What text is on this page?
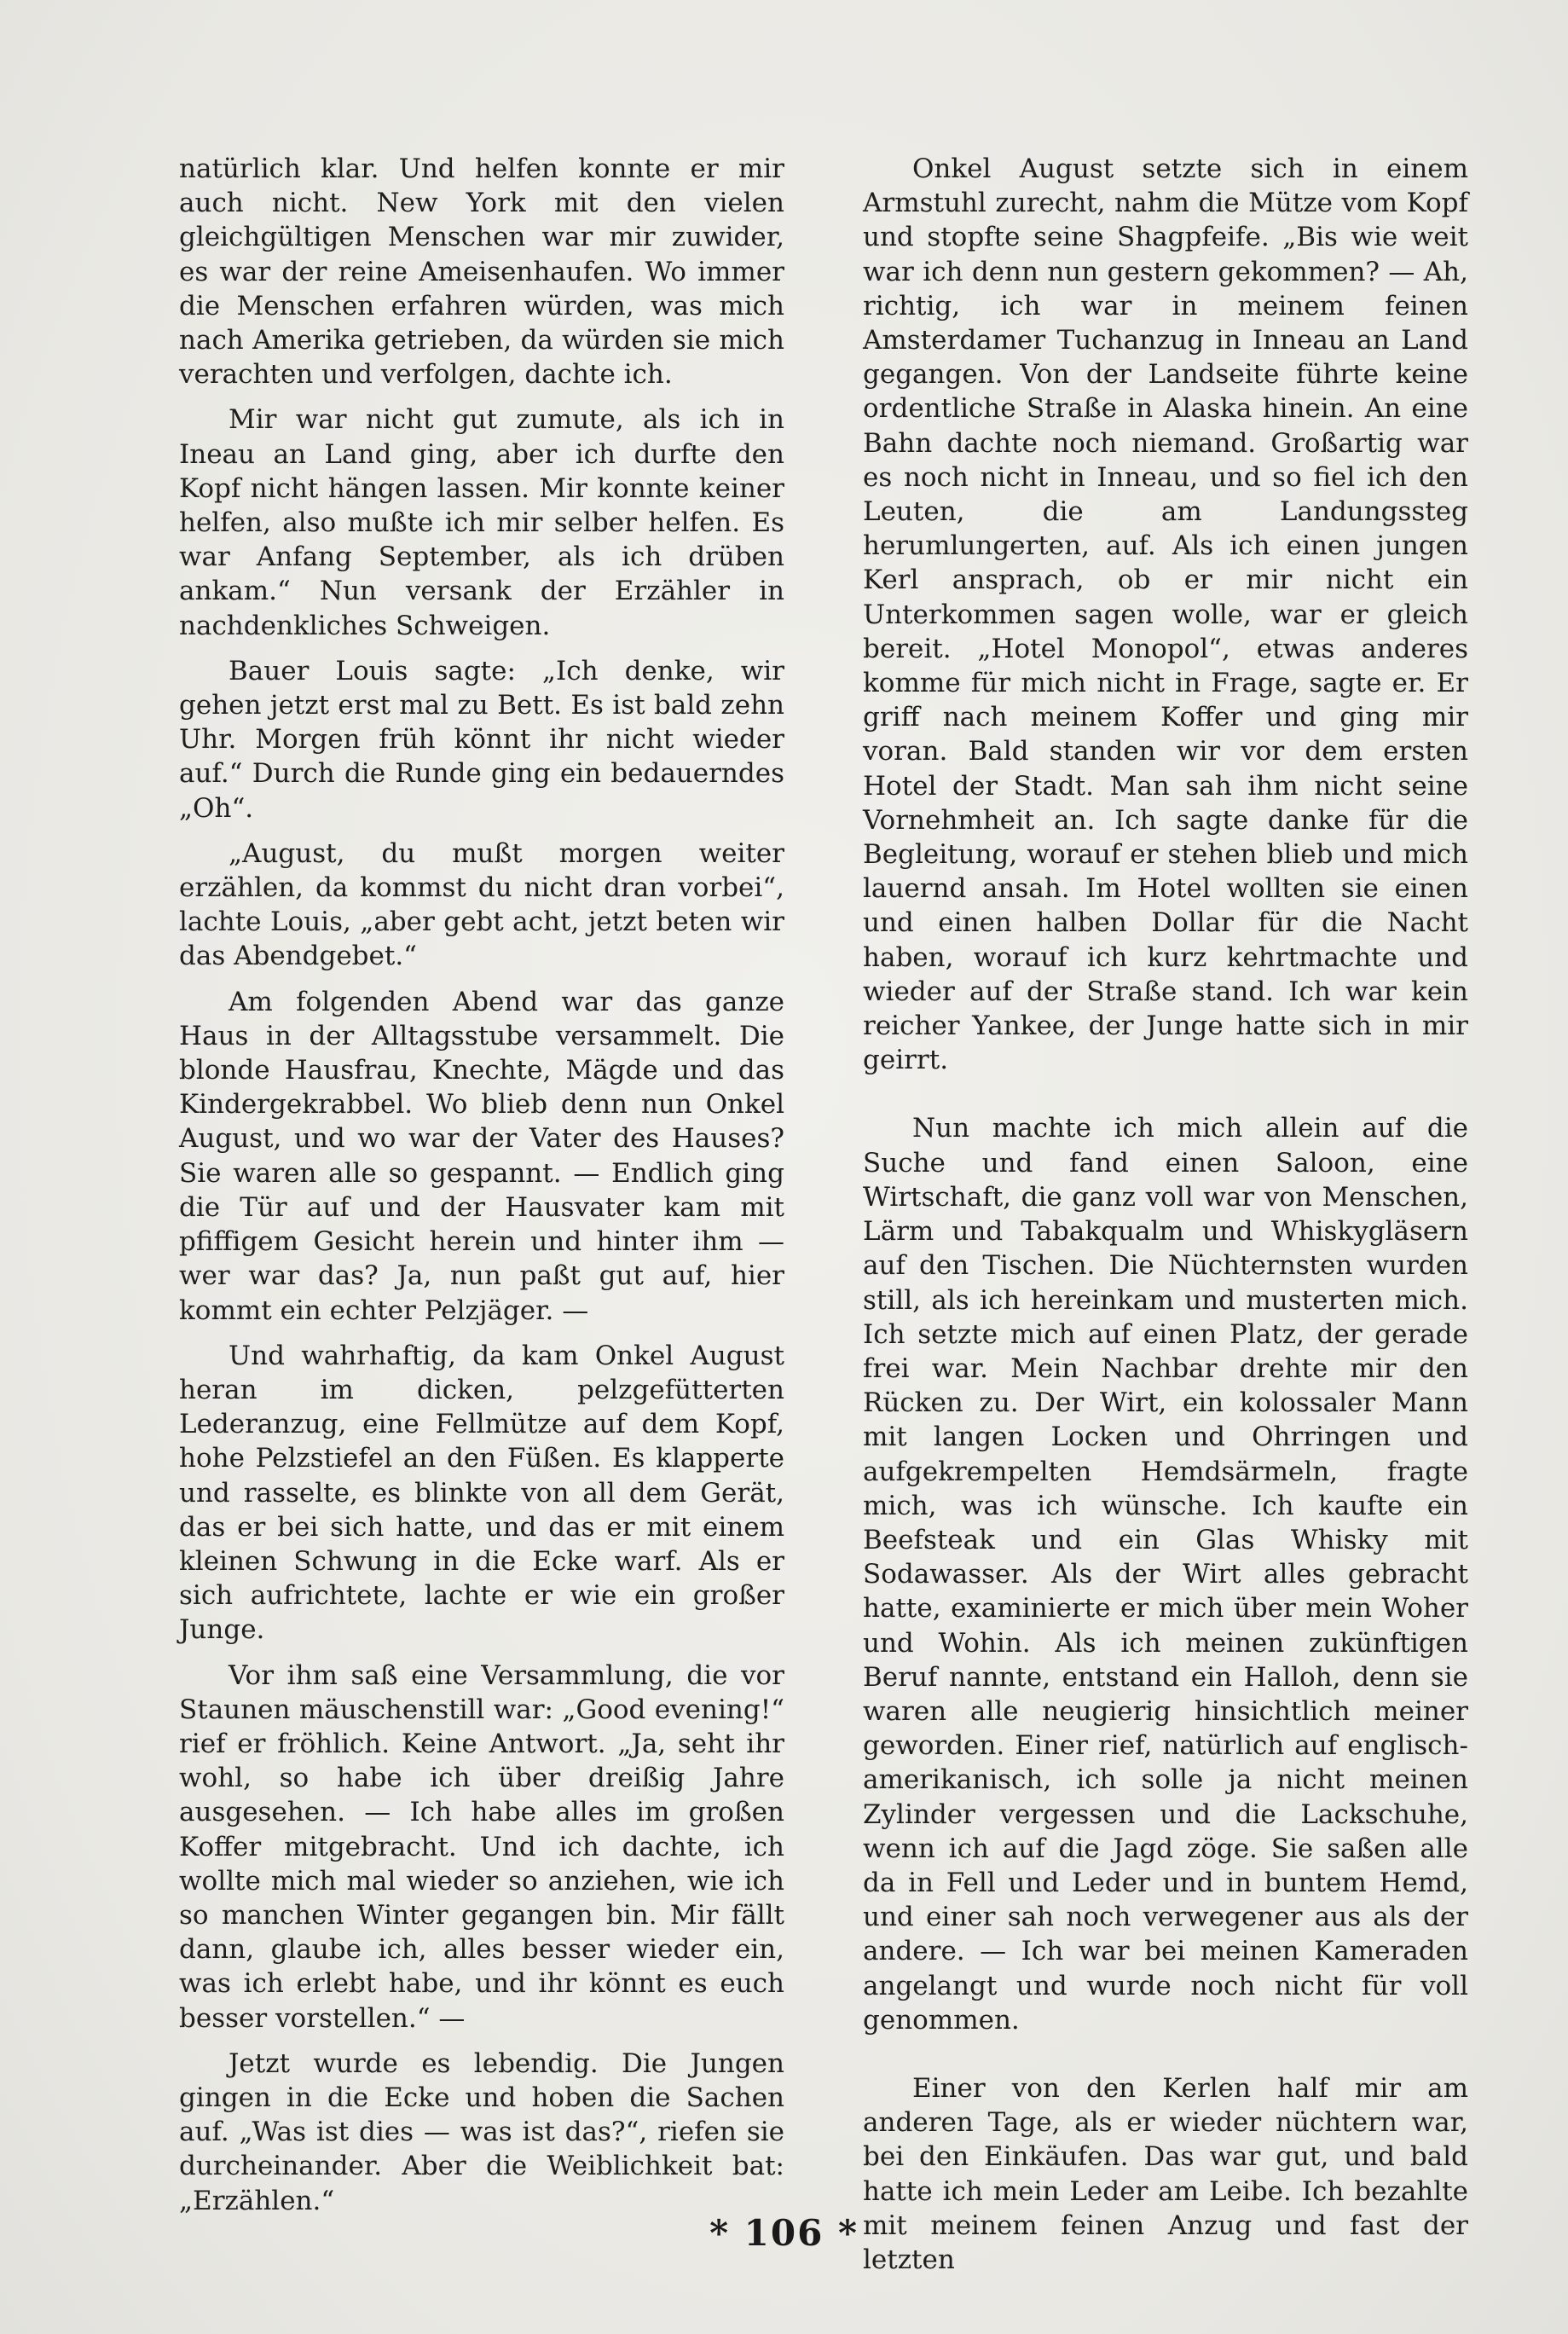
natürlich klar. Und helfen konnte er mir auch nicht. New York mit den vielen gleichgültigen Menschen war mir zuwider, es war der reine Ameisenhaufen. Wo immer die Menschen erfahren würden, was mich nach Amerika getrieben, da würden sie mich verachten und verfolgen, dachte ich.

Mir war nicht gut zumute, als ich in Ineau an Land ging, aber ich durfte den Kopf nicht hängen lassen. Mir konnte keiner helfen, also mußte ich mir selber helfen. Es war Anfang September, als ich drüben ankam.“ Nun versank der Erzähler in nachdenkliches Schweigen.

Bauer Louis sagte: „Ich denke, wir gehen jetzt erst mal zu Bett. Es ist bald zehn Uhr. Morgen früh könnt ihr nicht wieder auf.“ Durch die Runde ging ein bedauerndes „Oh“.

„August, du mußt morgen weiter erzählen, da kommst du nicht dran vorbei“, lachte Louis, „aber gebt acht, jetzt beten wir das Abendgebet.“

Am folgenden Abend war das ganze Haus in der Alltagsstube versammelt. Die blonde Hausfrau, Knechte, Mägde und das Kindergekrabbel. Wo blieb denn nun Onkel August, und wo war der Vater des Hauses? Sie waren alle so gespannt. — Endlich ging die Tür auf und der Hausvater kam mit pfiffigem Gesicht herein und hinter ihm — wer war das? Ja, nun paßt gut auf, hier kommt ein echter Pelzjäger. —

Und wahrhaftig, da kam Onkel August heran im dicken, pelzgefütterten Lederanzug, eine Fellmütze auf dem Kopf, hohe Pelzstiefel an den Füßen. Es klapperte und rasselte, es blinkte von all dem Gerät, das er bei sich hatte, und das er mit einem kleinen Schwung in die Ecke warf. Als er sich aufrichtete, lachte er wie ein großer Junge.

Vor ihm saß eine Versammlung, die vor Staunen mäuschenstill war: „Good evening!“ rief er fröhlich. Keine Antwort. „Ja, seht ihr wohl, so habe ich über dreißig Jahre ausgesehen. — Ich habe alles im großen Koffer mitgebracht. Und ich dachte, ich wollte mich mal wieder so anziehen, wie ich so manchen Winter gegangen bin. Mir fällt dann, glaube ich, alles besser wieder ein, was ich erlebt habe, und ihr könnt es euch besser vorstellen.“ —

Jetzt wurde es lebendig. Die Jungen gingen in die Ecke und hoben die Sachen auf. „Was ist dies — was ist das?“, riefen sie durcheinander. Aber die Weiblichkeit bat: „Erzählen.“

Onkel August setzte sich in einem Armstuhl zurecht, nahm die Mütze vom Kopf und stopfte seine Shagpfeife. „Bis wie weit war ich denn nun gestern gekommen? — Ah, richtig, ich war in meinem feinen Amsterdamer Tuchanzug in Inneau an Land gegangen. Von der Landseite führte keine ordentliche Straße in Alaska hinein. An eine Bahn dachte noch niemand. Großartig war es noch nicht in Inneau, und so fiel ich den Leuten, die am Landungssteg herumlungerten, auf. Als ich einen jungen Kerl ansprach, ob er mir nicht ein Unterkommen sagen wolle, war er gleich bereit. „Hotel Monopol“, etwas anderes komme für mich nicht in Frage, sagte er. Er griff nach meinem Koffer und ging mir voran. Bald standen wir vor dem ersten Hotel der Stadt. Man sah ihm nicht seine Vornehmheit an. Ich sagte danke für die Begleitung, worauf er stehen blieb und mich lauernd ansah. Im Hotel wollten sie einen und einen halben Dollar für die Nacht haben, worauf ich kurz kehrtmachte und wieder auf der Straße stand. Ich war kein reicher Yankee, der Junge hatte sich in mir geirrt.

Nun machte ich mich allein auf die Suche und fand einen Saloon, eine Wirtschaft, die ganz voll war von Menschen, Lärm und Tabakqualm und Whiskygläsern auf den Tischen. Die Nüchternsten wurden still, als ich hereinkam und musterten mich. Ich setzte mich auf einen Platz, der gerade frei war. Mein Nachbar drehte mir den Rücken zu. Der Wirt, ein kolossaler Mann mit langen Locken und Ohrringen und aufgekrempelten Hemdsärmeln, fragte mich, was ich wünsche. Ich kaufte ein Beefsteak und ein Glas Whisky mit Sodawasser. Als der Wirt alles gebracht hatte, examinierte er mich über mein Woher und Wohin. Als ich meinen zukünftigen Beruf nannte, entstand ein Halloh, denn sie waren alle neugierig hinsichtlich meiner geworden. Einer rief, natürlich auf englisch-amerikanisch, ich solle ja nicht meinen Zylinder vergessen und die Lackschuhe, wenn ich auf die Jagd zöge. Sie saßen alle da in Fell und Leder und in buntem Hemd, und einer sah noch verwegener aus als der andere. — Ich war bei meinen Kameraden angelangt und wurde noch nicht für voll genommen.

Einer von den Kerlen half mir am anderen Tage, als er wieder nüchtern war, bei den Einkäufen. Das war gut, und bald hatte ich mein Leder am Leibe. Ich bezahlte mit meinem feinen Anzug und fast der letzten

* 106 *
